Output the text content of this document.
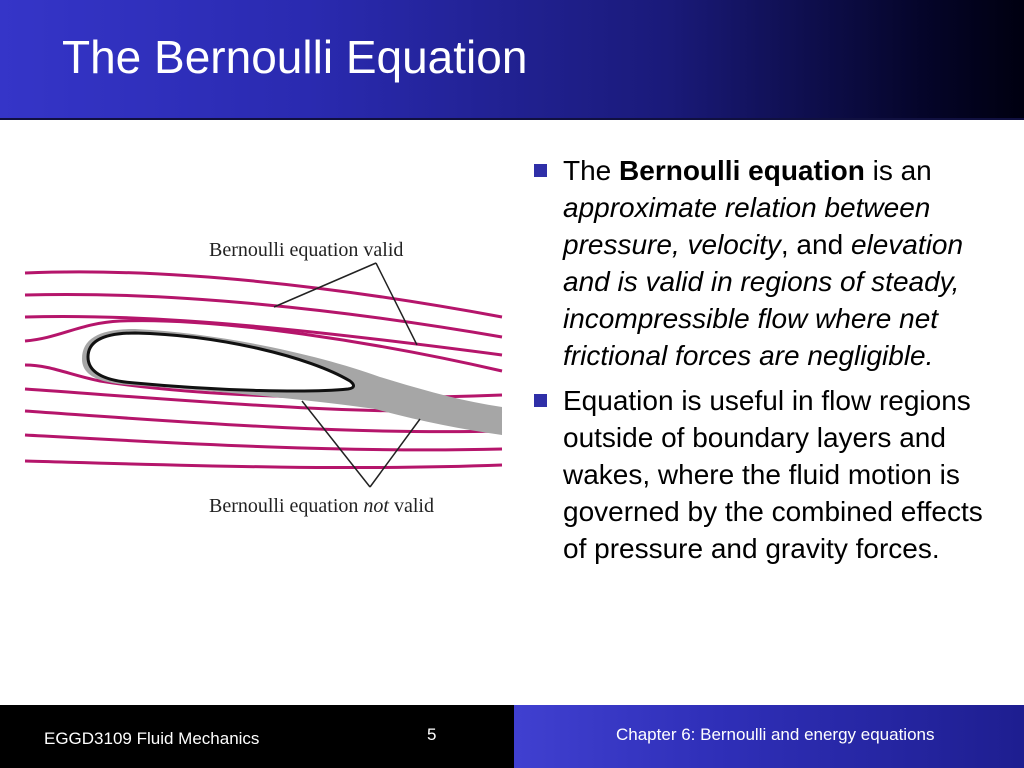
The Bernoulli Equation
Bernoulli equation valid
Bernoulli equation not valid
The Bernoulli equation is an approximate relation between pressure, velocity, and elevation and is valid in regions of steady, incompressible flow where net frictional forces are negligible.
Equation is useful in flow regions outside of boundary layers and wakes, where the fluid motion is governed by the combined effects of pressure and gravity forces.
EGGD3109 Fluid Mechanics	5	Chapter 6: Bernoulli and energy equations
